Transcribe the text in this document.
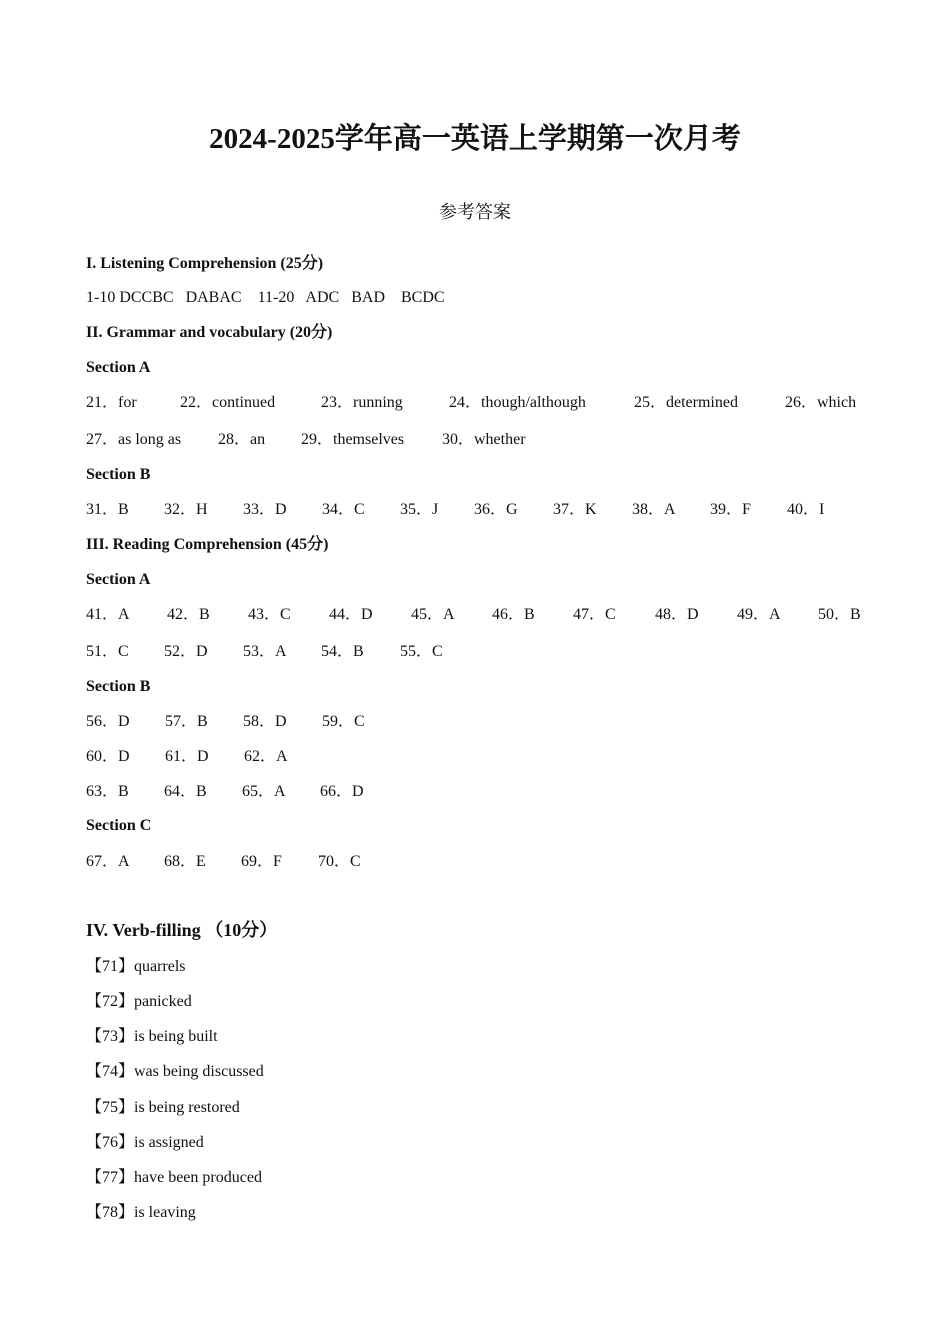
2024-2025学年高一英语上学期第一次月考
参考答案
I. Listening Comprehension (25分)
1-10 DCCBC   DABAC    11-20   ADC   BAD    BCDC
II. Grammar and vocabulary (20分)
Section A
21．for	22．continued	23．running	24．though/although	25．determined	26．which
27．as long as 28．an 29．themselves 30．whether
Section B
31．B 32．H 33．D 34．C 35．J 36．G 37．K 38．A 39．F 40．I
III. Reading Comprehension (45分)
Section A
41．A 42．B 43．C 44．D 45．A 46．B 47．C 48．D 49．A 50．B
51．C 52．D 53．A 54．B 55．C
Section B
56．D 57．B 58．D 59．C
60．D 61．D 62．A
63．B 64．B 65．A 66．D
Section C
67．A 68．E 69．F 70．C
IV. Verb-filling （10分）
【71】quarrels
【72】panicked
【73】is being built
【74】was being discussed
【75】is being restored
【76】is assigned
【77】have been produced
【78】is leaving
